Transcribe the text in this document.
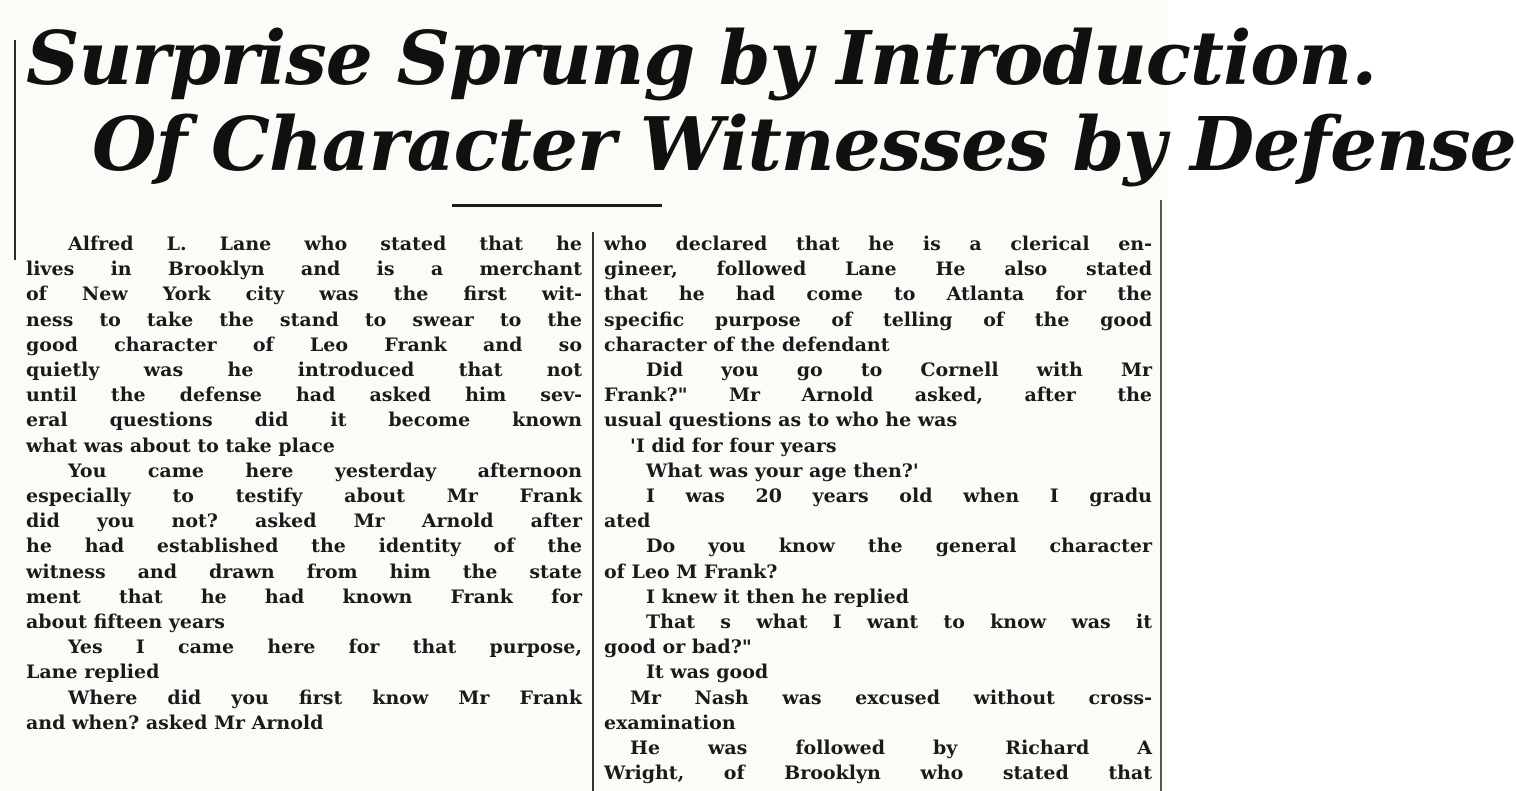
Surprise Sprung by Introduction.
Of Character Witnesses by Defense
Alfred L. Lane who stated that he
lives in Brooklyn and is a merchant
of New York city was the first wit-
ness to take the stand to swear to the
good character of Leo Frank and so
quietly was he introduced that not
until the defense had asked him sev-
eral questions did it become known
what was about to take place
You came here yesterday afternoon
especially to testify about Mr Frank
did you not? asked Mr Arnold after
he had established the identity of the
witness and drawn from him the state
ment that he had known Frank for
about fifteen years
Yes I came here for that purpose,
Lane replied
Where did you first know Mr Frank
and when? asked Mr Arnold
who declared that he is a clerical en-
gineer, followed Lane He also stated
that he had come to Atlanta for the
specific purpose of telling of the good
character of the defendant
Did you go to Cornell with Mr
Frank?" Mr Arnold asked, after the
usual questions as to who he was
'I did for four years
What was your age then?'
I was 20 years old when I gradu
ated
Do you know the general character
of Leo M Frank?
I knew it then he replied
That s what I want to know was it
good or bad?"
It was good
Mr Nash was excused without cross-
examination
He was followed by Richard A
Wright, of Brooklyn who stated that
